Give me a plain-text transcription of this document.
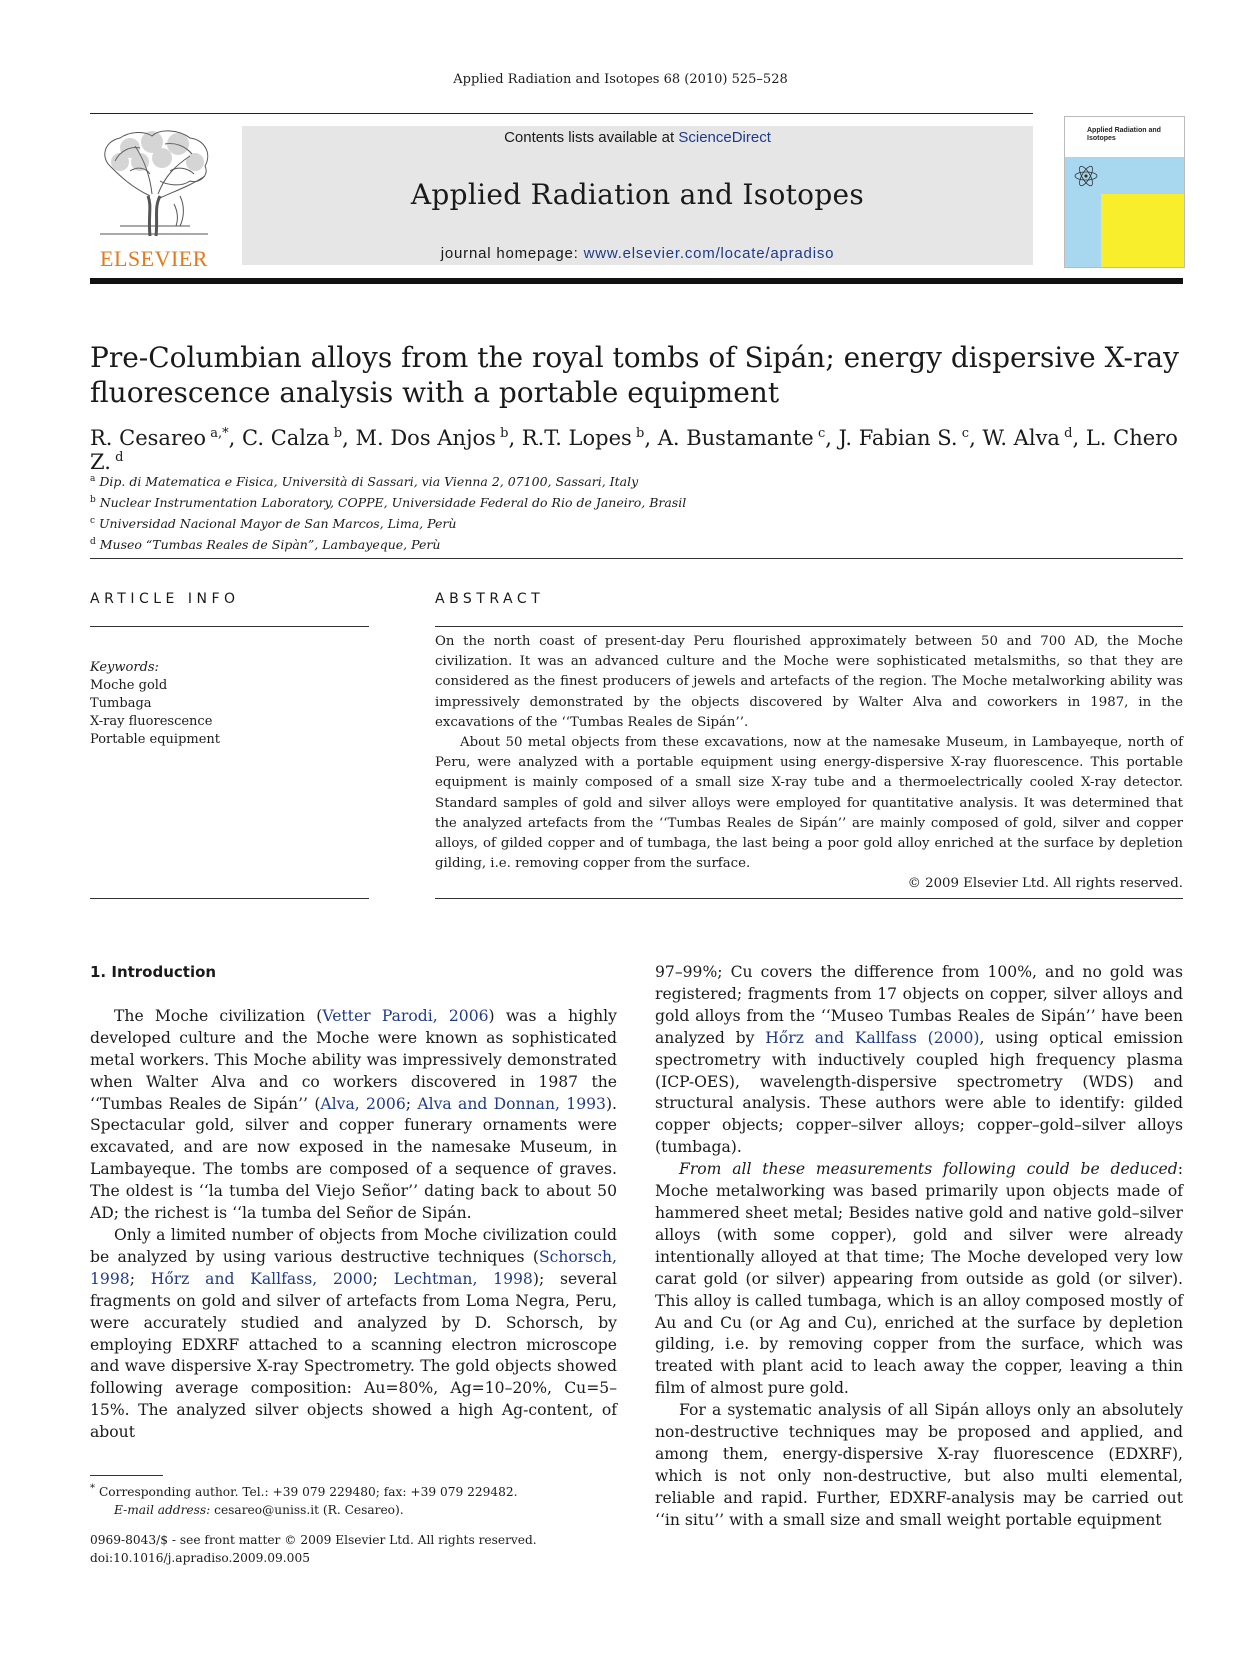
Applied Radiation and Isotopes 68 (2010) 525–528
ELSEVIER
Contents lists available at ScienceDirect
Applied Radiation and Isotopes
journal homepage: www.elsevier.com/locate/apradiso
Applied Radiation and Isotopes
Pre-Columbian alloys from the royal tombs of Sipán; energy dispersive X-ray fluorescence analysis with a portable equipment
R. Cesareo  $^{a,*}$, C. Calza  $^b$, M. Dos Anjos  $^b$, R.T. Lopes  $^b$, A. Bustamante  $^c$, J. Fabian S.  $^c$, W. Alva  $^d$, L. Chero Z.  $^d$
$^a$ Dip. di Matematica e Fisica, Università di Sassari, via Vienna 2, 07100, Sassari, Italy
$^b$ Nuclear Instrumentation Laboratory, COPPE, Universidade Federal do Rio de Janeiro, Brasil
$^c$ Universidad Nacional Mayor de San Marcos, Lima, Perù
$^d$ Museo “Tumbas Reales de Sipàn”, Lambayeque, Perù
ARTICLE INFO	ABSTRACT
Keywords:
Moche gold
Tumbaga
X-ray fluorescence
Portable equipment

On the north coast of present-day Peru flourished approximately between 50 and 700 AD, the Moche civilization. It was an advanced culture and the Moche were sophisticated metalsmiths, so that they are considered as the finest producers of jewels and artefacts of the region. The Moche metalworking ability was impressively demonstrated by the objects discovered by Walter Alva and coworkers in 1987, in the excavations of the ‘‘Tumbas Reales de Sipán’’.

About 50 metal objects from these excavations, now at the namesake Museum, in Lambayeque, north of Peru, were analyzed with a portable equipment using energy-dispersive X-ray fluorescence. This portable equipment is mainly composed of a small size X-ray tube and a thermoelectrically cooled X-ray detector. Standard samples of gold and silver alloys were employed for quantitative analysis. It was determined that the analyzed artefacts from the ‘‘Tumbas Reales de Sipán’’ are mainly composed of gold, silver and copper alloys, of gilded copper and of tumbaga, the last being a poor gold alloy enriched at the surface by depletion gilding, i.e. removing copper from the surface.

© 2009 Elsevier Ltd. All rights reserved.
1. Introduction

The Moche civilization (Vetter Parodi, 2006) was a highly developed culture and the Moche were known as sophisticated metal workers. This Moche ability was impressively demonstrated when Walter Alva and co workers discovered in 1987 the ‘‘Tumbas Reales de Sipán’’ (Alva, 2006; Alva and Donnan, 1993). Spectacular gold, silver and copper funerary ornaments were excavated, and are now exposed in the namesake Museum, in Lambayeque. The tombs are composed of a sequence of graves. The oldest is ‘‘la tumba del Viejo Señor’’ dating back to about 50 AD; the richest is ‘‘la tumba del Señor de Sipán.

Only a limited number of objects from Moche civilization could be analyzed by using various destructive techniques (Schorsch, 1998; Hőrz and Kallfass, 2000; Lechtman, 1998); several fragments on gold and silver of artefacts from Loma Negra, Peru, were accurately studied and analyzed by D. Schorsch, by employing EDXRF attached to a scanning electron microscope and wave dispersive X-ray Spectrometry. The gold objects showed following average composition: Au=80%, Ag=10–20%, Cu=5–15%. The analyzed silver objects showed a high Ag-content, of about

97–99%; Cu covers the difference from 100%, and no gold was registered; fragments from 17 objects on copper, silver alloys and gold alloys from the ‘‘Museo Tumbas Reales de Sipán’’ have been analyzed by Hőrz and Kallfass (2000), using optical emission spectrometry with inductively coupled high frequency plasma (ICP-OES), wavelength-dispersive spectrometry (WDS) and structural analysis. These authors were able to identify: gilded copper objects; copper–silver alloys; copper–gold–silver alloys (tumbaga).

From all these measurements following could be deduced: Moche metalworking was based primarily upon objects made of hammered sheet metal; Besides native gold and native gold–silver alloys (with some copper), gold and silver were already intentionally alloyed at that time; The Moche developed very low carat gold (or silver) appearing from outside as gold (or silver). This alloy is called tumbaga, which is an alloy composed mostly of Au and Cu (or Ag and Cu), enriched at the surface by depletion gilding, i.e. by removing copper from the surface, which was treated with plant acid to leach away the copper, leaving a thin film of almost pure gold.

For a systematic analysis of all Sipán alloys only an absolutely non-destructive techniques may be proposed and applied, and among them, energy-dispersive X-ray fluorescence (EDXRF), which is not only non-destructive, but also multi elemental, reliable and rapid. Further, EDXRF-analysis may be carried out ‘‘in situ’’ with a small size and small weight portable equipment

* Corresponding author. Tel.: +39 079 229480; fax: +39 079 229482.
E-mail address: cesareo@uniss.it (R. Cesareo).
0969-8043/$ - see front matter © 2009 Elsevier Ltd. All rights reserved.
doi:10.1016/j.apradiso.2009.09.005
